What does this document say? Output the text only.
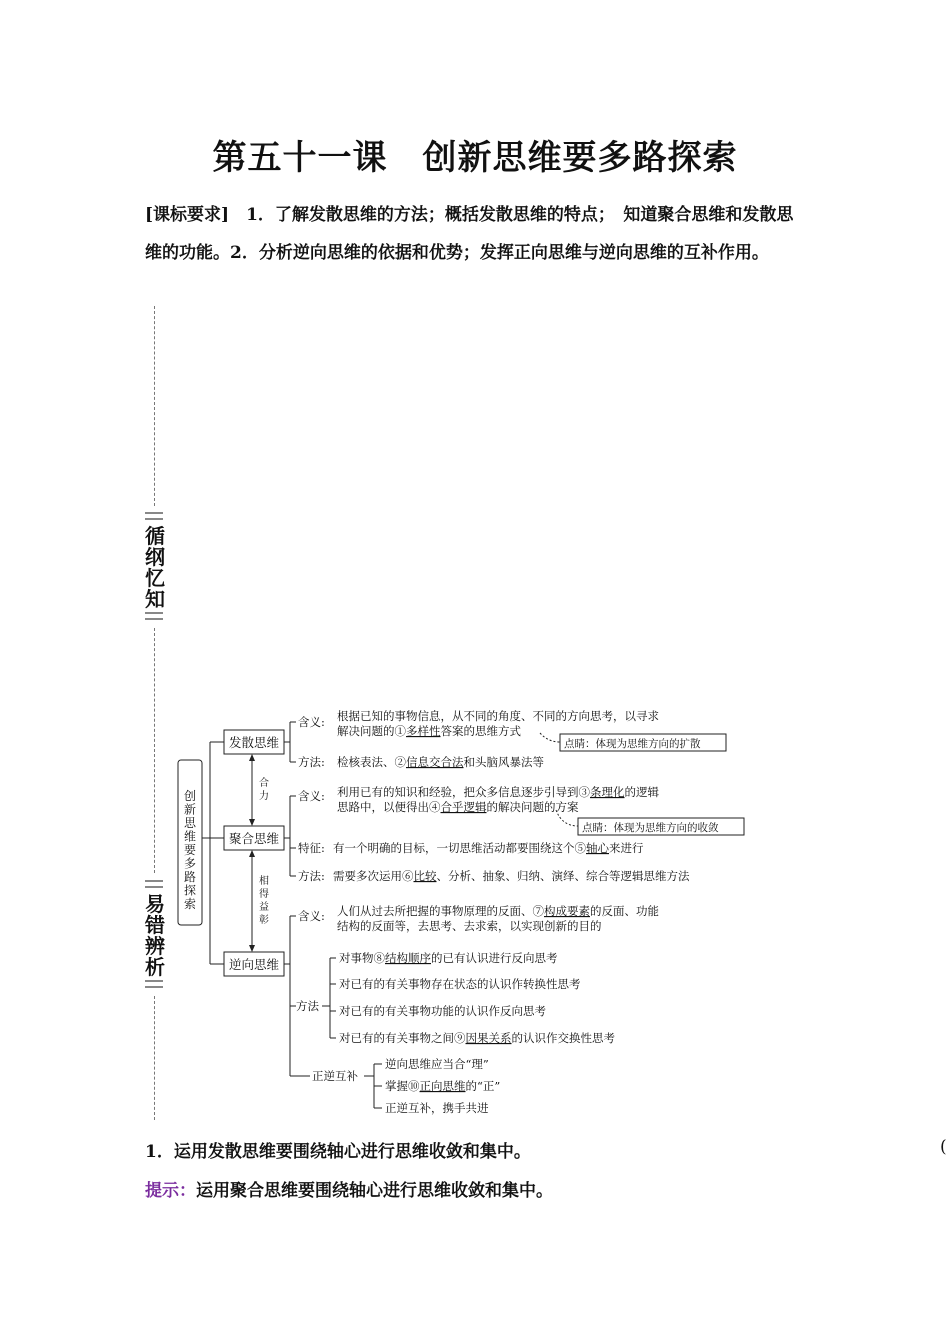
第五十一课　创新思维要多路探索
[课标要求]　1．了解发散思维的方法；概括发散思维的特点；　知道聚合思维和发散思维的功能。2．分析逆向思维的依据和优势；发挥正向思维与逆向思维的互补作用。
循纲忆知
易错辨析
创新思维要多路探索
发散思维
聚合思维
逆向思维
合力
相得益彰
含义: 根据已知的事物信息，从不同的角度、不同的方向思考，以寻求
解决问题的①多样性答案的思维方式
点睛：体现为思维方向的扩散
方法: 检核表法、②信息交合法和头脑风暴法等
含义: 利用已有的知识和经验，把众多信息逐步引导到③条理化的逻辑
思路中，以便得出④合乎逻辑的解决问题的方案
点睛：体现为思维方向的收敛
特征: 有一个明确的目标，一切思维活动都要围绕这个⑤轴心来进行
方法: 需要多次运用⑥比较、分析、抽象、归纳、演绎、综合等逻辑思维方法
含义: 人们从过去所把握的事物原理的反面、⑦构成要素的反面、功能
结构的反面等，去思考、去求索，以实现创新的目的
方法
对事物⑧结构顺序的已有认识进行反向思考
对已有的有关事物存在状态的认识作转换性思考
对已有的有关事物功能的认识作反向思考
对已有的有关事物之间⑨因果关系的认识作交换性思考
正逆互补
逆向思维应当合“理”
掌握⑩正向思维的“正”
正逆互补，携手共进
1．运用发散思维要围绕轴心进行思维收敛和集中。	(
提示：运用聚合思维要围绕轴心进行思维收敛和集中。
